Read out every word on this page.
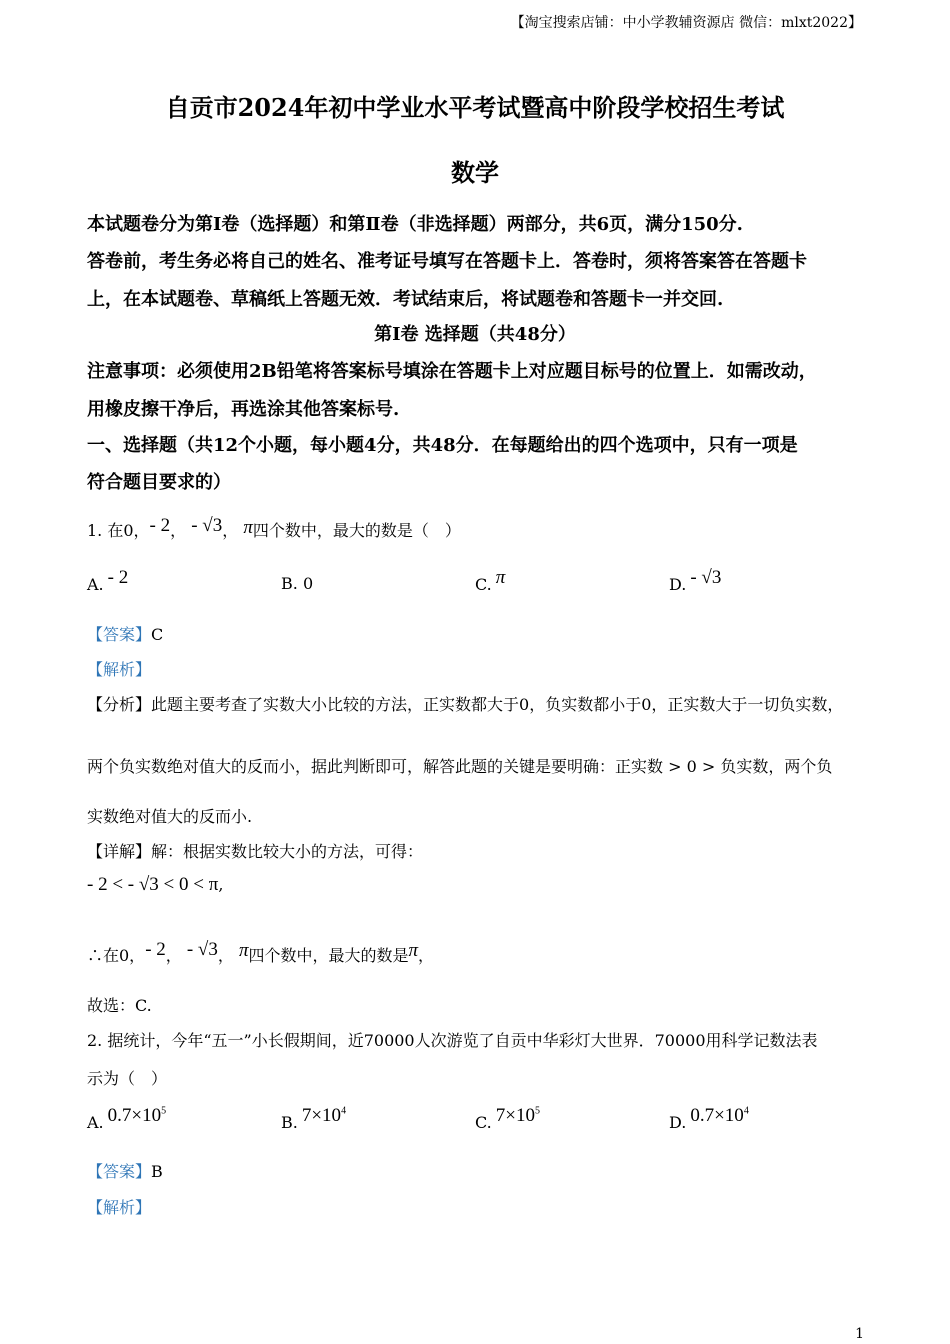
【淘宝搜索店铺：中小学教辅资源店 微信：mlxt2022】
自贡市2024年初中学业水平考试暨高中阶段学校招生考试
数学
本试题卷分为第Ⅰ卷（选择题）和第Ⅱ卷（非选择题）两部分，共6页，满分150分.
答卷前，考生务必将自己的姓名、准考证号填写在答题卡上．答卷时，须将答案答在答题卡
上，在本试题卷、草稿纸上答题无效．考试结束后，将试题卷和答题卡一并交回.
第Ⅰ卷 选择题（共48分）
注意事项：必须使用2B铅笔将答案标号填涂在答题卡上对应题目标号的位置上．如需改动，
用橡皮擦干净后，再选涂其他答案标号.
一、选择题（共12个小题，每小题4分，共48分．在每题给出的四个选项中，只有一项是
符合题目要求的）
1. 在0，- 2， - √3， π四个数中，最大的数是（　）
A. - 2	B. 0	C. π	D. - √3
【答案】C
【解析】
【分析】此题主要考查了实数大小比较的方法，正实数都大于0，负实数都小于0，正实数大于一切负实数，
两个负实数绝对值大的反而小，据此判断即可，解答此题的关键是要明确：正实数 > 0 > 负实数，两个负
实数绝对值大的反而小.
【详解】解：根据实数比较大小的方法，可得：
- 2 < - √3 < 0 < π,
∴在0，- 2， - √3， π四个数中，最大的数是π，
故选：C.
2. 据统计，今年“五一”小长假期间，近70000人次游览了自贡中华彩灯大世界．70000用科学记数法表
示为（　）
A. $0.7\times 10^5$
B. $7\times 10^4$
C. $7\times 10^5$
D. $0.7\times 10^4$
【答案】B
【解析】
1
